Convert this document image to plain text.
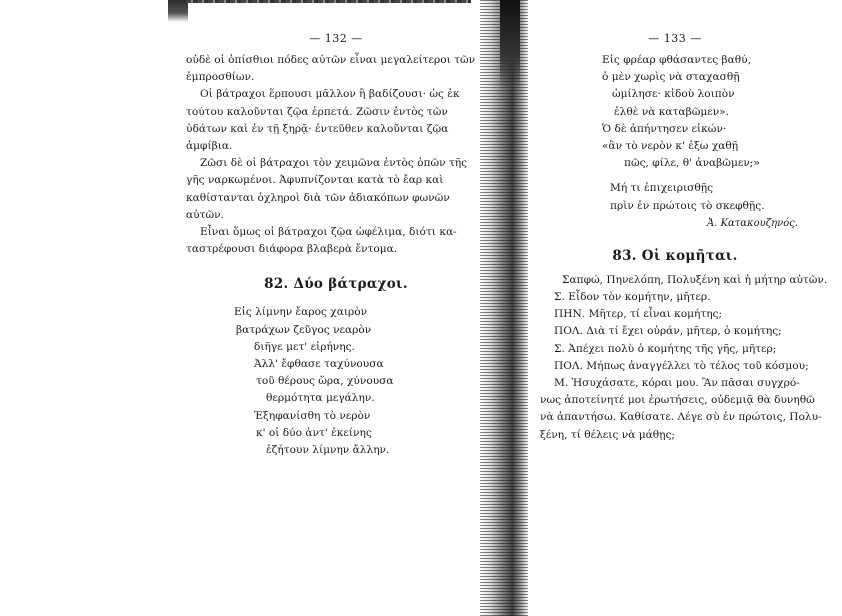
— 132 —
οὐδὲ οἱ ὀπίσθιοι πόδες αὐτῶν εἶναι μεγαλείτεροι τῶν
ἐμπροσθίων.
Οἱ βάτραχοι ἕρπουσι μᾶλλον ἢ βαδίζουσι· ὡς ἐκ
τούτου καλοῦνται ζῷα ἑρπετά. Ζῶσιν ἐντὸς τῶν
ὑδάτων καὶ ἐν τῇ ξηρᾷ· ἐντεῦθεν καλοῦνται ζῷα
ἀμφίβια.
Ζῶσι δὲ οἱ βάτραχοι τὸν χειμῶνα ἐντὸς ὀπῶν τῆς
γῆς ναρκωμένοι. Ἀφυπνίζονται κατὰ τὸ ἔαρ καὶ
καθίστανται ὀχληροὶ διὰ τῶν ἀδιακόπων φωνῶν
αὐτῶν.
Εἶναι ὅμως οἱ βάτραχοι ζῷα ὠφέλιμα, διότι κα-
ταστρέφουσι διάφορα βλαβερὰ ἔντομα.
82. Δύο βάτραχοι.
Εἰς λίμνην ἔαρος χαιρὸν
βατράχων ζεῦγος νεαρὸν
διῆγε μετ' εἰρήνης.
Ἀλλ' ἔφθασε ταχύνουσα
τοῦ θέρους ὥρα, χύνουσα
θερμότητα μεγάλην.
Ἐξηφανίσθη τὸ νερὸν
κ' οἱ δύο ἀντ' ἐκείνης
ἐζήτουν λίμνην ἄλλην.
— 133 —
Εἰς φρέαρ φθάσαντες βαθύ,
ὁ μὲν χωρὶς νὰ σταχασθῇ
ὡμίλησε· κἰδοὺ λοιπὸν
ἐλθὲ νὰ καταβῶμεν».
Ὁ δὲ ἀπήντησεν εἰκών·
«ἂν τὸ νερὸν κ' ἐξω χαθῇ
πῶς, φίλε, θ' ἀναβῶμεν;»
Μή τι ἐπιχειρισθῇς
πρὶν ἐν πρώτοις τὸ σκεφθῇς.
Ἀ. Κατακουζηνός.
83. Οἱ κομῆται.
Σαπφώ, Πηνελόπη, Πολυξένη καὶ ἡ μήτηρ αὐτῶν.
Σ. Εἶδον τὸν κομήτην, μῆτερ.
ΠΗΝ. Μῆτερ, τί εἶναι κομήτης;
ΠΟΛ. Διὰ τί ἔχει οὐράν, μῆτερ, ὁ κομήτης;
Σ. Ἀπέχει πολὺ ὁ κομήτης τῆς γῆς, μῆτερ;
ΠΟΛ. Μήπως ἀναγγέλλει τὸ τέλος τοῦ κόσμου;
Μ. Ἡσυχάσατε, κόραι μου. Ἂν πᾶσαι συγχρό-
νως ἀποτείνητέ μοι ἐρωτήσεις, οὐδεμιᾷ θὰ δυνηθῶ
νὰ ἀπαντήσω. Καθίσατε. Λέγε σὺ ἐν πρώτοις, Πολυ-
ξένη, τί θέλεις νὰ μάθῃς;
